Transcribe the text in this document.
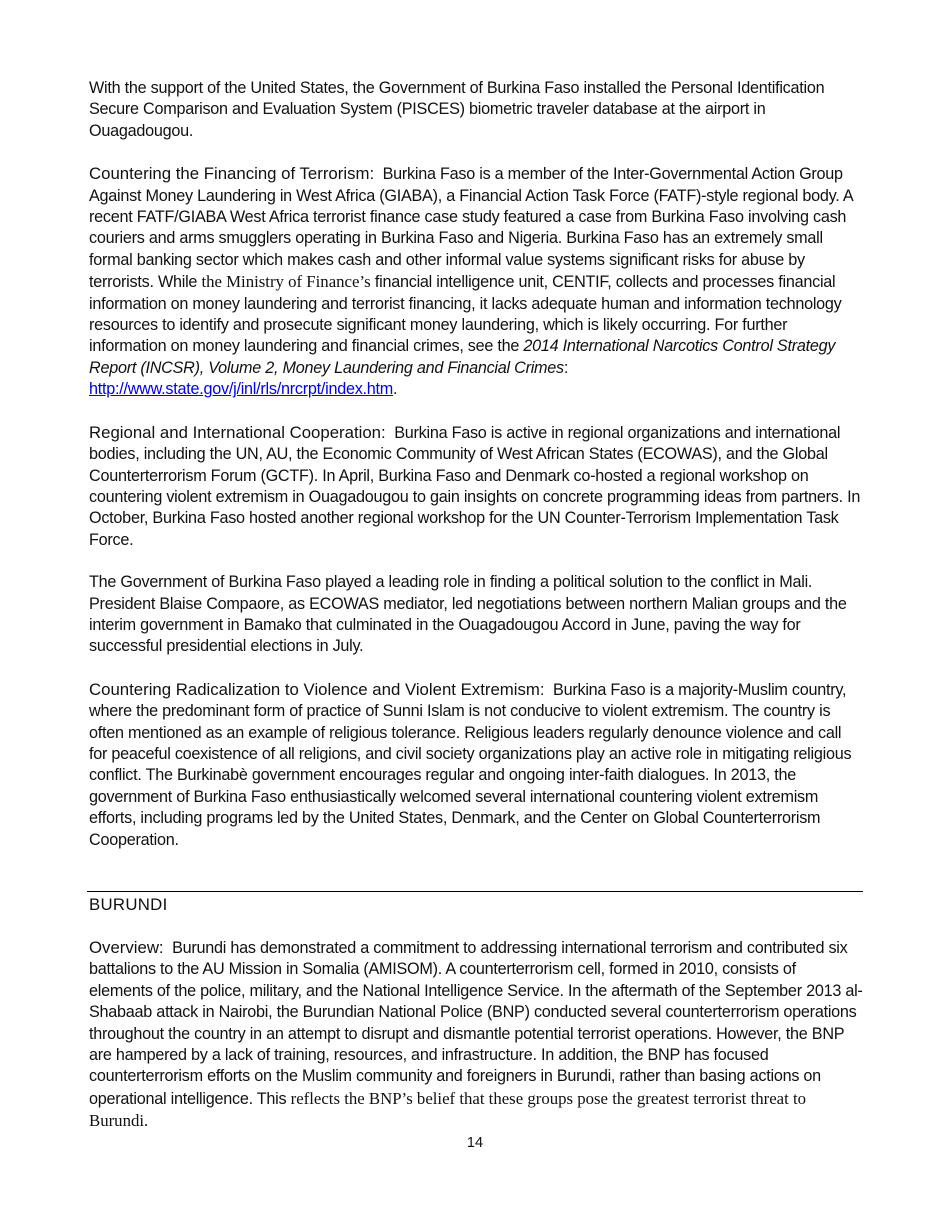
With the support of the United States, the Government of Burkina Faso installed the Personal Identification Secure Comparison and Evaluation System (PISCES) biometric traveler database at the airport in Ouagadougou.

Countering the Financing of Terrorism: Burkina Faso is a member of the Inter-Governmental Action Group Against Money Laundering in West Africa (GIABA), a Financial Action Task Force (FATF)-style regional body. A recent FATF/GIABA West Africa terrorist finance case study featured a case from Burkina Faso involving cash couriers and arms smugglers operating in Burkina Faso and Nigeria. Burkina Faso has an extremely small formal banking sector which makes cash and other informal value systems significant risks for abuse by terrorists. While the Ministry of Finance’s financial intelligence unit, CENTIF, collects and processes financial information on money laundering and terrorist financing, it lacks adequate human and information technology resources to identify and prosecute significant money laundering, which is likely occurring. For further information on money laundering and financial crimes, see the 2014 International Narcotics Control Strategy Report (INCSR), Volume 2, Money Laundering and Financial Crimes: http://www.state.gov/j/inl/rls/nrcrpt/index.htm.

Regional and International Cooperation: Burkina Faso is active in regional organizations and international bodies, including the UN, AU, the Economic Community of West African States (ECOWAS), and the Global Counterterrorism Forum (GCTF). In April, Burkina Faso and Denmark co-hosted a regional workshop on countering violent extremism in Ouagadougou to gain insights on concrete programming ideas from partners. In October, Burkina Faso hosted another regional workshop for the UN Counter-Terrorism Implementation Task Force.

The Government of Burkina Faso played a leading role in finding a political solution to the conflict in Mali. President Blaise Compaore, as ECOWAS mediator, led negotiations between northern Malian groups and the interim government in Bamako that culminated in the Ouagadougou Accord in June, paving the way for successful presidential elections in July.

Countering Radicalization to Violence and Violent Extremism: Burkina Faso is a majority-Muslim country, where the predominant form of practice of Sunni Islam is not conducive to violent extremism. The country is often mentioned as an example of religious tolerance. Religious leaders regularly denounce violence and call for peaceful coexistence of all religions, and civil society organizations play an active role in mitigating religious conflict. The Burkinabè government encourages regular and ongoing inter-faith dialogues. In 2013, the government of Burkina Faso enthusiastically welcomed several international countering violent extremism efforts, including programs led by the United States, Denmark, and the Center on Global Counterterrorism Cooperation.

BURUNDI

Overview: Burundi has demonstrated a commitment to addressing international terrorism and contributed six battalions to the AU Mission in Somalia (AMISOM). A counterterrorism cell, formed in 2010, consists of elements of the police, military, and the National Intelligence Service. In the aftermath of the September 2013 al-Shabaab attack in Nairobi, the Burundian National Police (BNP) conducted several counterterrorism operations throughout the country in an attempt to disrupt and dismantle potential terrorist operations. However, the BNP are hampered by a lack of training, resources, and infrastructure. In addition, the BNP has focused counterterrorism efforts on the Muslim community and foreigners in Burundi, rather than basing actions on operational intelligence. This reflects the BNP’s belief that these groups pose the greatest terrorist threat to Burundi.

14
